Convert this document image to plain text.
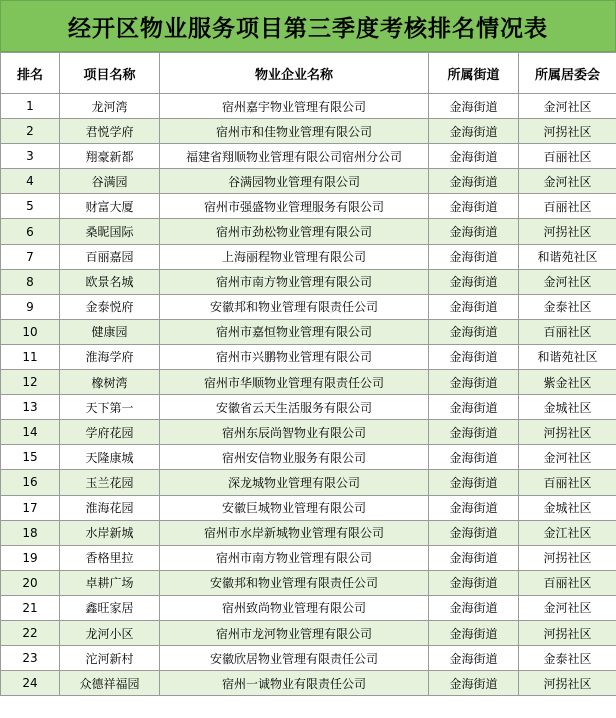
经开区物业服务项目第三季度考核排名情况表
排名	项目名称	物业企业名称	所属街道	所属居委会
1	龙河湾	宿州嘉宇物业管理有限公司	金海街道	金河社区
2	君悦学府	宿州市和佳物业管理有限公司	金海街道	河拐社区
3	翔豪新都	福建省翔顺物业管理有限公司宿州分公司	金海街道	百丽社区
4	谷满园	谷满园物业管理有限公司	金海街道	金河社区
5	财富大厦	宿州市强盛物业管理服务有限公司	金海街道	百丽社区
6	桑昵国际	宿州市劲松物业管理有限公司	金海街道	河拐社区
7	百丽嘉园	上海丽程物业管理有限公司	金海街道	和谐苑社区
8	欧景名城	宿州市南方物业管理有限公司	金海街道	金河社区
9	金泰悦府	安徽邦和物业管理有限责任公司	金海街道	金泰社区
10	健康园	宿州市嘉恒物业管理有限公司	金海街道	百丽社区
11	淮海学府	宿州市兴鹏物业管理有限公司	金海街道	和谐苑社区
12	橡树湾	宿州市华顺物业管理有限责任公司	金海街道	紫金社区
13	天下第一	安徽省云天生活服务有限公司	金海街道	金城社区
14	学府花园	宿州东辰尚智物业有限公司	金海街道	河拐社区
15	天隆康城	宿州安信物业服务有限公司	金海街道	金河社区
16	玉兰花园	深龙城物业管理有限公司	金海街道	百丽社区
17	淮海花园	安徽巨城物业管理有限公司	金海街道	金城社区
18	水岸新城	宿州市水岸新城物业管理有限公司	金海街道	金江社区
19	香格里拉	宿州市南方物业管理有限公司	金海街道	河拐社区
20	卓耕广场	安徽邦和物业管理有限责任公司	金海街道	百丽社区
21	鑫旺家居	宿州致尚物业管理有限公司	金海街道	金河社区
22	龙河小区	宿州市龙河物业管理有限公司	金海街道	河拐社区
23	沱河新村	安徽欣居物业管理有限责任公司	金海街道	金泰社区
24	众德祥福园	宿州一诚物业有限责任公司	金海街道	河拐社区
